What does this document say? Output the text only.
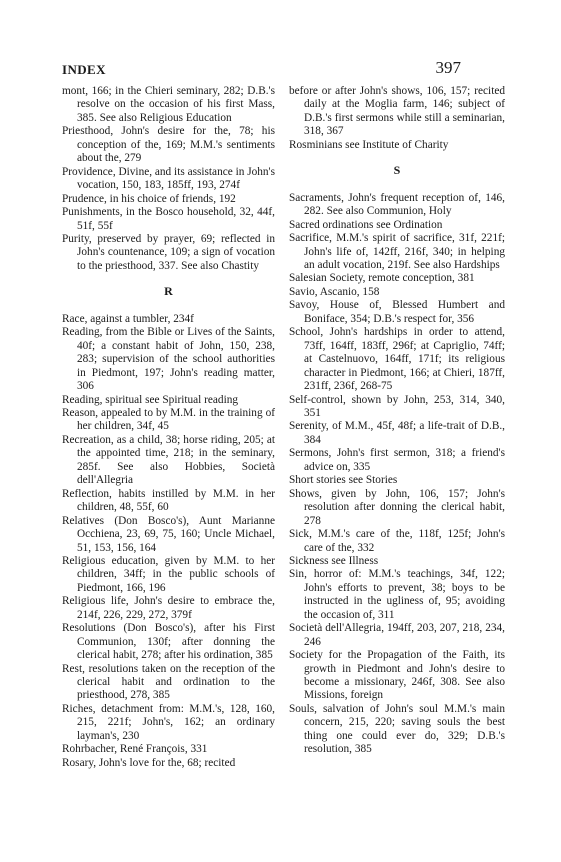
INDEX	397

mont, 166; in the Chieri seminary, 282; D.B.'s resolve on the occasion of his first Mass, 385. See also Religious Education

Priesthood, John's desire for the, 78; his conception of the, 169; M.M.'s sentiments about the, 279

Providence, Divine, and its assistance in John's vocation, 150, 183, 185ff, 193, 274f

Prudence, in his choice of friends, 192

Punishments, in the Bosco household, 32, 44f, 51f, 55f

Purity, preserved by prayer, 69; reflected in John's countenance, 109; a sign of vocation to the priesthood, 337. See also Chastity

R

Race, against a tumbler, 234f

Reading, from the Bible or Lives of the Saints, 40f; a constant habit of John, 150, 238, 283; supervision of the school authorities in Piedmont, 197; John's reading matter, 306

Reading, spiritual see Spiritual reading

Reason, appealed to by M.M. in the training of her children, 34f, 45

Recreation, as a child, 38; horse riding, 205; at the appointed time, 218; in the seminary, 285f. See also Hobbies, Società dell'Allegria

Reflection, habits instilled by M.M. in her children, 48, 55f, 60

Relatives (Don Bosco's), Aunt Marianne Occhiena, 23, 69, 75, 160; Uncle Michael, 51, 153, 156, 164

Religious education, given by M.M. to her children, 34ff; in the public schools of Piedmont, 166, 196

Religious life, John's desire to embrace the, 214f, 226, 229, 272, 379f

Resolutions (Don Bosco's), after his First Communion, 130f; after donning the clerical habit, 278; after his ordination, 385

Rest, resolutions taken on the reception of the clerical habit and ordination to the priesthood, 278, 385

Riches, detachment from: M.M.'s, 128, 160, 215, 221f; John's, 162; an ordinary layman's, 230

Rohrbacher, René François, 331

Rosary, John's love for the, 68; recited

before or after John's shows, 106, 157; recited daily at the Moglia farm, 146; subject of D.B.'s first sermons while still a seminarian, 318, 367

Rosminians see Institute of Charity

S

Sacraments, John's frequent reception of, 146, 282. See also Communion, Holy

Sacred ordinations see Ordination

Sacrifice, M.M.'s spirit of sacrifice, 31f, 221f; John's life of, 142ff, 216f, 340; in helping an adult vocation, 219f. See also Hardships

Salesian Society, remote conception, 381

Savio, Ascanio, 158

Savoy, House of, Blessed Humbert and Boniface, 354; D.B.'s respect for, 356

School, John's hardships in order to attend, 73ff, 164ff, 183ff, 296f; at Capriglio, 74ff; at Castelnuovo, 164ff, 171f; its religious character in Piedmont, 166; at Chieri, 187ff, 231ff, 236f, 268-75

Self-control, shown by John, 253, 314, 340, 351

Serenity, of M.M., 45f, 48f; a life-trait of D.B., 384

Sermons, John's first sermon, 318; a friend's advice on, 335

Short stories see Stories

Shows, given by John, 106, 157; John's resolution after donning the clerical habit, 278

Sick, M.M.'s care of the, 118f, 125f; John's care of the, 332

Sickness see Illness

Sin, horror of: M.M.'s teachings, 34f, 122; John's efforts to prevent, 38; boys to be instructed in the ugliness of, 95; avoiding the occasion of, 311

Società dell'Allegria, 194ff, 203, 207, 218, 234, 246

Society for the Propagation of the Faith, its growth in Piedmont and John's desire to become a missionary, 246f, 308. See also Missions, foreign

Souls, salvation of John's soul M.M.'s main concern, 215, 220; saving souls the best thing one could ever do, 329; D.B.'s resolution, 385
